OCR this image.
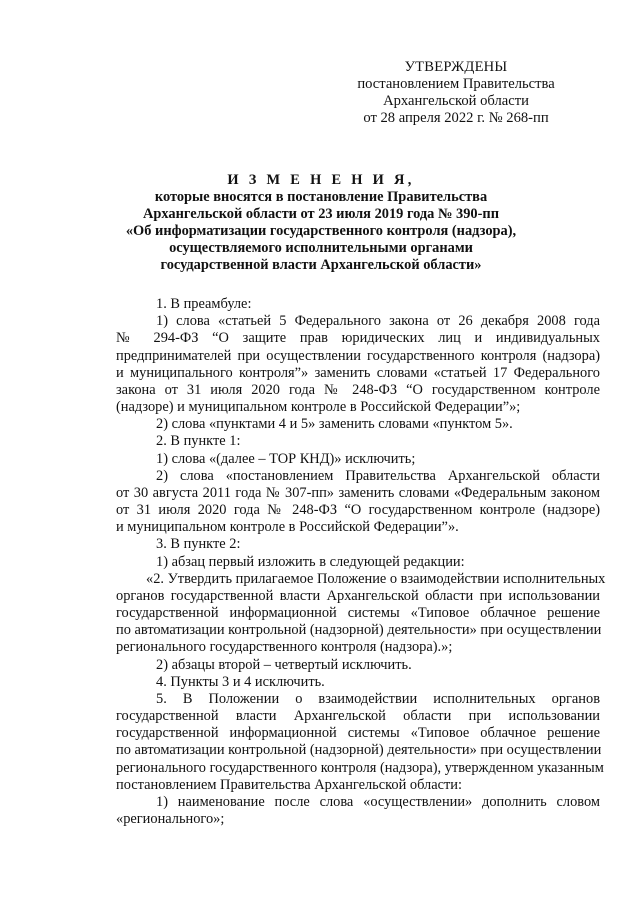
УТВЕРЖДЕНЫ
постановлением Правительства
Архангельской области
от 28 апреля 2022 г. № 268-пп
И З М Е Н Е Н И Я,
которые вносятся в постановление Правительства
Архангельской области от 23 июля 2019 года № 390-пп
«Об информатизации государственного контроля (надзора),
осуществляемого исполнительными органами
государственной власти Архангельской области»
1. В преамбуле:
1) слова «статьей 5 Федерального закона от 26 декабря 2008 года
№ 294-ФЗ “О защите прав юридических лиц и индивидуальных
предпринимателей при осуществлении государственного контроля (надзора)
и муниципального контроля”» заменить словами «статьей 17 Федерального
закона от 31 июля 2020 года № 248-ФЗ “О государственном контроле
(надзоре) и муниципальном контроле в Российской Федерации”»;
2) слова «пунктами 4 и 5» заменить словами «пунктом 5».
2. В пункте 1:
1) слова «(далее – ТОР КНД)» исключить;
2) слова «постановлением Правительства Архангельской области
от 30 августа 2011 года № 307-пп» заменить словами «Федеральным законом
от 31 июля 2020 года № 248-ФЗ “О государственном контроле (надзоре)
и муниципальном контроле в Российской Федерации”».
3. В пункте 2:
1) абзац первый изложить в следующей редакции:
«2. Утвердить прилагаемое Положение о взаимодействии исполнительных
органов государственной власти Архангельской области при использовании
государственной информационной системы «Типовое облачное решение
по автоматизации контрольной (надзорной) деятельности» при осуществлении
регионального государственного контроля (надзора).»;
2) абзацы второй – четвертый исключить.
4. Пункты 3 и 4 исключить.
5. В Положении о взаимодействии исполнительных органов
государственной власти Архангельской области при использовании
государственной информационной системы «Типовое облачное решение
по автоматизации контрольной (надзорной) деятельности» при осуществлении
регионального государственного контроля (надзора), утвержденном указанным
постановлением Правительства Архангельской области:
1) наименование после слова «осуществлении» дополнить словом
«регионального»;
